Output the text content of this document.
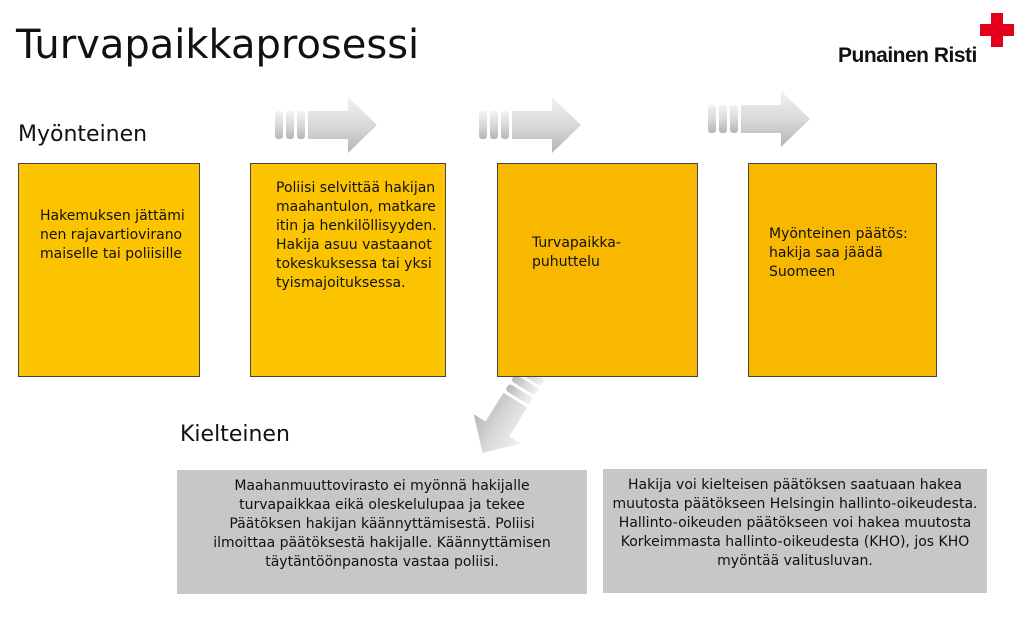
Turvapaikkaprosessi	Punainen Risti
Myönteinen
Kielteinen
Hakemuksen jättäminen rajavartioviranomaiselle tai poliisille
Poliisi selvittää hakijan maahantulon, matkareitin ja henkilöllisyyden. Hakija asuu vastaanottokeskuksessa tai yksityismajoituksessa.
Turvapaikka-puhuttelu
Myönteinen päätös: hakija saa jäädä Suomeen
Maahanmuuttovirasto ei myönnä hakijalle turvapaikkaa eikä oleskelulupaa ja tekee Päätöksen hakijan käännyttämisestä. Poliisi ilmoittaa päätöksestä hakijalle. Käännyttämisen täytäntöönpanosta vastaa poliisi.
Hakija voi kielteisen päätöksen saatuaan hakea muutosta päätökseen Helsingin hallinto-oikeudesta. Hallinto-oikeuden päätökseen voi hakea muutosta Korkeimmasta hallinto-oikeudesta (KHO), jos KHO myöntää valitusluvan.
